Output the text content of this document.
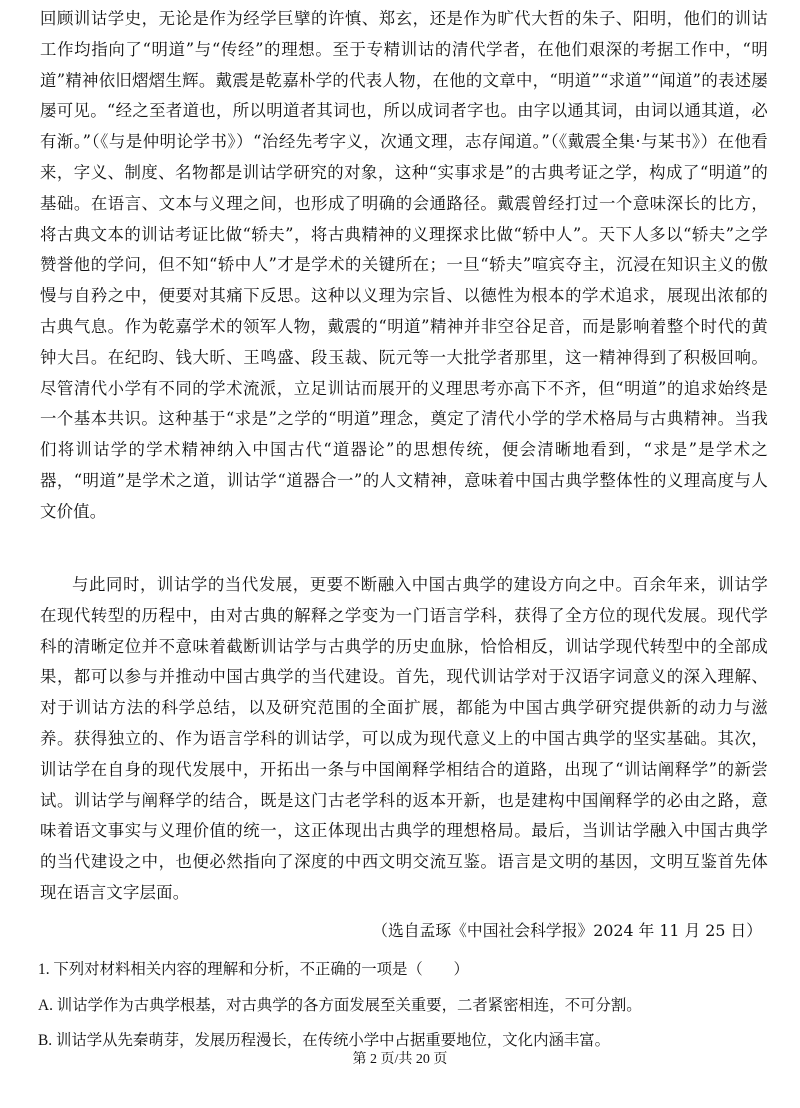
回顾训诂学史，无论是作为经学巨擘的许慎、郑玄，还是作为旷代大哲的朱子、阳明，他们的训诂工作均指向了“明道”与“传经”的理想。至于专精训诂的清代学者，在他们艰深的考据工作中，“明道”精神依旧熠熠生辉。戴震是乾嘉朴学的代表人物，在他的文章中，“明道”“求道”“闻道”的表述屡屡可见。“经之至者道也，所以明道者其词也，所以成词者字也。由字以通其词，由词以通其道，必有渐。”（《与是仲明论学书》）“治经先考字义，次通文理，志存闻道。”（《戴震全集·与某书》）在他看来，字义、制度、名物都是训诂学研究的对象，这种“实事求是”的古典考证之学，构成了“明道”的基础。在语言、文本与义理之间，也形成了明确的会通路径。戴震曾经打过一个意味深长的比方，将古典文本的训诂考证比做“轿夫”，将古典精神的义理探求比做“轿中人”。天下人多以“轿夫”之学赞誉他的学问，但不知“轿中人”才是学术的关键所在；一旦“轿夫”喧宾夺主，沉浸在知识主义的傲慢与自矜之中，便要对其痛下反思。这种以义理为宗旨、以德性为根本的学术追求，展现出浓郁的古典气息。作为乾嘉学术的领军人物，戴震的“明道”精神并非空谷足音，而是影响着整个时代的黄钟大吕。在纪昀、钱大昕、王鸣盛、段玉裁、阮元等一大批学者那里，这一精神得到了积极回响。尽管清代小学有不同的学术流派，立足训诂而展开的义理思考亦高下不齐，但“明道”的追求始终是一个基本共识。这种基于“求是”之学的“明道”理念，奠定了清代小学的学术格局与古典精神。当我们将训诂学的学术精神纳入中国古代“道器论”的思想传统，便会清晰地看到，“求是”是学术之器，“明道”是学术之道，训诂学“道器合一”的人文精神，意味着中国古典学整体性的义理高度与人文价值。

与此同时，训诂学的当代发展，更要不断融入中国古典学的建设方向之中。百余年来，训诂学在现代转型的历程中，由对古典的解释之学变为一门语言学科，获得了全方位的现代发展。现代学科的清晰定位并不意味着截断训诂学与古典学的历史血脉，恰恰相反，训诂学现代转型中的全部成果，都可以参与并推动中国古典学的当代建设。首先，现代训诂学对于汉语字词意义的深入理解、对于训诂方法的科学总结，以及研究范围的全面扩展，都能为中国古典学研究提供新的动力与滋养。获得独立的、作为语言学科的训诂学，可以成为现代意义上的中国古典学的坚实基础。其次，训诂学在自身的现代发展中，开拓出一条与中国阐释学相结合的道路，出现了“训诂阐释学”的新尝试。训诂学与阐释学的结合，既是这门古老学科的返本开新，也是建构中国阐释学的必由之路，意味着语文事实与义理价值的统一，这正体现出古典学的理想格局。最后，当训诂学融入中国古典学的当代建设之中，也便必然指向了深度的中西文明交流互鉴。语言是文明的基因，文明互鉴首先体现在语言文字层面。

（选自孟琢《中国社会科学报》2024 年 11 月 25 日）

1. 下列对材料相关内容的理解和分析，不正确的一项是（　　）

A. 训诂学作为古典学根基，对古典学的各方面发展至关重要，二者紧密相连，不可分割。

B. 训诂学从先秦萌芽，发展历程漫长，在传统小学中占据重要地位，文化内涵丰富。

第 2 页/共 20 页
